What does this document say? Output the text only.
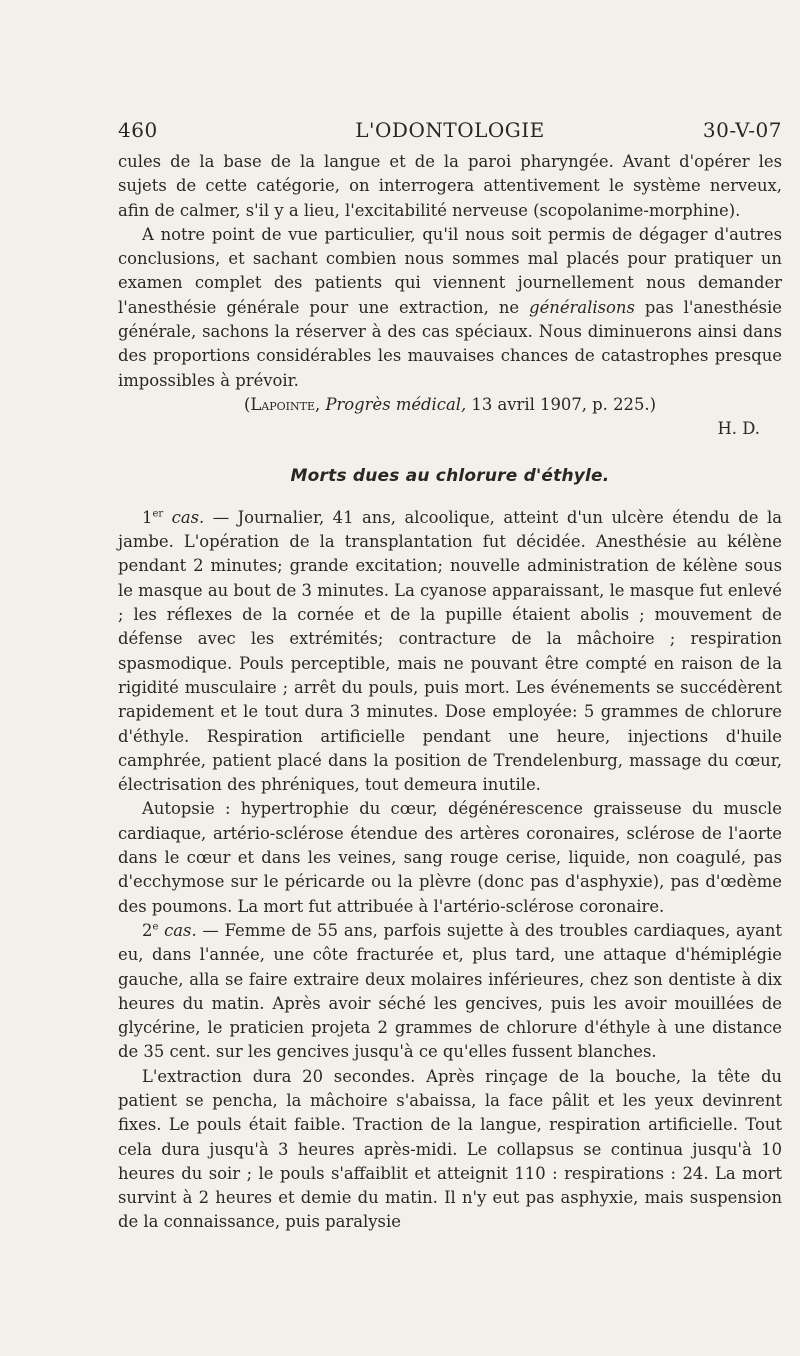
460	L'ODONTOLOGIE	30-V-07

cules de la base de la langue et de la paroi pharyngée. Avant d'opérer les sujets de cette catégorie, on interrogera attentivement le système nerveux, afin de calmer, s'il y a lieu, l'excitabilité nerveuse (scopolanime-morphine).

A notre point de vue particulier, qu'il nous soit permis de dégager d'autres conclusions, et sachant combien nous sommes mal placés pour pratiquer un examen complet des patients qui viennent journellement nous demander l'anesthésie générale pour une extraction, ne généralisons pas l'anesthésie générale, sachons la réserver à des cas spéciaux. Nous diminuerons ainsi dans des proportions considérables les mauvaises chances de catastrophes presque impossibles à prévoir.

(Lapointe, Progrès médical, 13 avril 1907, p. 225.)

H. D.

Morts dues au chlorure d'éthyle.

1er cas. — Journalier, 41 ans, alcoolique, atteint d'un ulcère étendu de la jambe. L'opération de la transplantation fut décidée. Anesthésie au kélène pendant 2 minutes; grande excitation; nouvelle administration de kélène sous le masque au bout de 3 minutes. La cyanose apparaissant, le masque fut enlevé ; les réflexes de la cornée et de la pupille étaient abolis ; mouvement de défense avec les extrémités; contracture de la mâchoire ; respiration spasmodique. Pouls perceptible, mais ne pouvant être compté en raison de la rigidité musculaire ; arrêt du pouls, puis mort. Les événements se succédèrent rapidement et le tout dura 3 minutes. Dose employée: 5 grammes de chlorure d'éthyle. Respiration artificielle pendant une heure, injections d'huile camphrée, patient placé dans la position de Trendelenburg, massage du cœur, électrisation des phréniques, tout demeura inutile.

Autopsie : hypertrophie du cœur, dégénérescence graisseuse du muscle cardiaque, artério-sclérose étendue des artères coronaires, sclérose de l'aorte dans le cœur et dans les veines, sang rouge cerise, liquide, non coagulé, pas d'ecchymose sur le péricarde ou la plèvre (donc pas d'asphyxie), pas d'œdème des poumons. La mort fut attribuée à l'artério-sclérose coronaire.

2e cas. — Femme de 55 ans, parfois sujette à des troubles cardiaques, ayant eu, dans l'année, une côte fracturée et, plus tard, une attaque d'hémiplégie gauche, alla se faire extraire deux molaires inférieures, chez son dentiste à dix heures du matin. Après avoir séché les gencives, puis les avoir mouillées de glycérine, le praticien projeta 2 grammes de chlorure d'éthyle à une distance de 35 cent. sur les gencives jusqu'à ce qu'elles fussent blanches.

L'extraction dura 20 secondes. Après rinçage de la bouche, la tête du patient se pencha, la mâchoire s'abaissa, la face pâlit et les yeux devinrent fixes. Le pouls était faible. Traction de la langue, respiration artificielle. Tout cela dura jusqu'à 3 heures après-midi. Le collapsus se continua jusqu'à 10 heures du soir ; le pouls s'affaiblit et atteignit 110 : respirations : 24. La mort survint à 2 heures et demie du matin. Il n'y eut pas asphyxie, mais suspension de la connaissance, puis paralysie
